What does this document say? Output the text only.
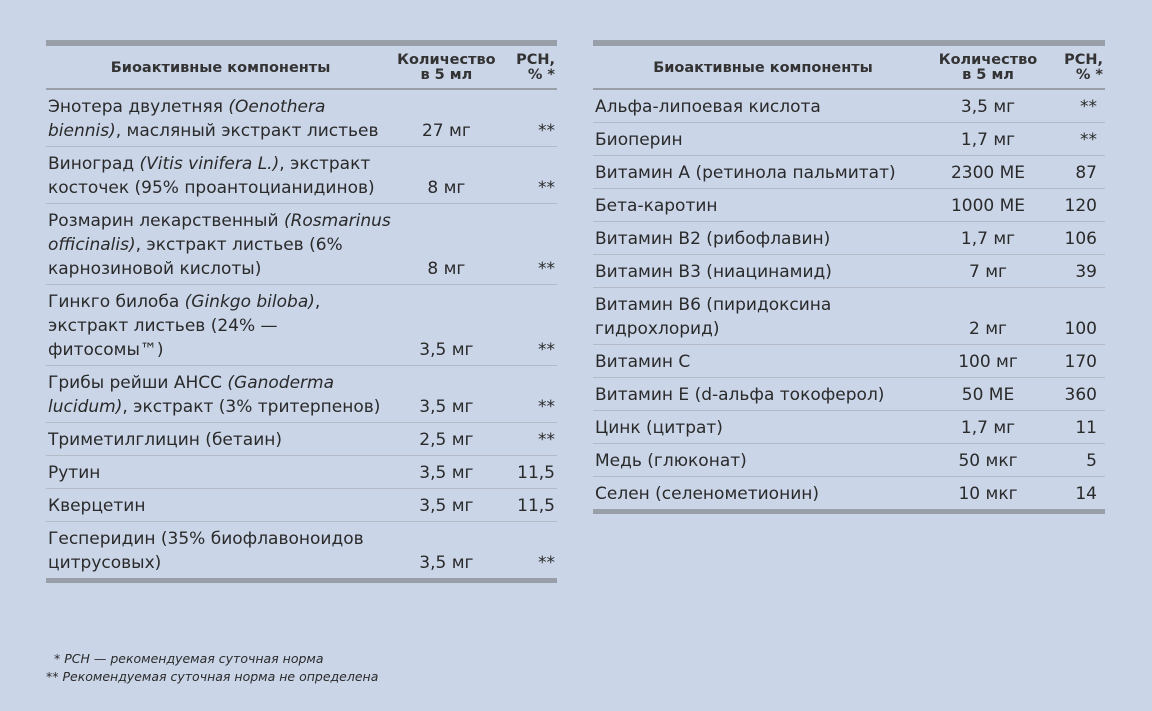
Биоактивные компоненты	Количество в 5 мл	РСН, % *
Энотера двулетняя (Oenothera biennis), масляный экстракт листьев	27 мг	**
Виноград (Vitis vinifera L.), экстракт косточек (95% проантоцианидинов)	8 мг	**
Розмарин лекарственный (Rosmarinus officinalis), экстракт листьев (6% карнозиновой кислоты)	8 мг	**
Гинкго билоба (Ginkgo biloba), экстракт листьев (24% — фитосомы™)	3,5 мг	**
Грибы рейши AHCC (Ganoderma lucidum), экстракт (3% тритерпенов)	3,5 мг	**
Триметилглицин (бетаин)	2,5 мг	**
Рутин	3,5 мг	11,5
Кверцетин	3,5 мг	11,5
Гесперидин (35% биофлавоноидов цитрусовых)	3,5 мг	**
Биоактивные компоненты	Количество в 5 мл	РСН, % *
Альфа-липоевая кислота	3,5 мг	**
Биоперин	1,7 мг	**
Витамин А (ретинола пальмитат)	2300 МЕ	87
Бета-каротин	1000 МЕ	120
Витамин B2 (рибофлавин)	1,7 мг	106
Витамин B3 (ниацинамид)	7 мг	39
Витамин B6 (пиридоксина гидрохлорид)	2 мг	100
Витамин C	100 мг	170
Витамин Е (d-альфа токоферол)	50 МЕ	360
Цинк (цитрат)	1,7 мг	11
Медь (глюконат)	50 мкг	5
Селен (селенометионин)	10 мкг	14
* РСН — рекомендуемая суточная норма
** Рекомендуемая суточная норма не определена
